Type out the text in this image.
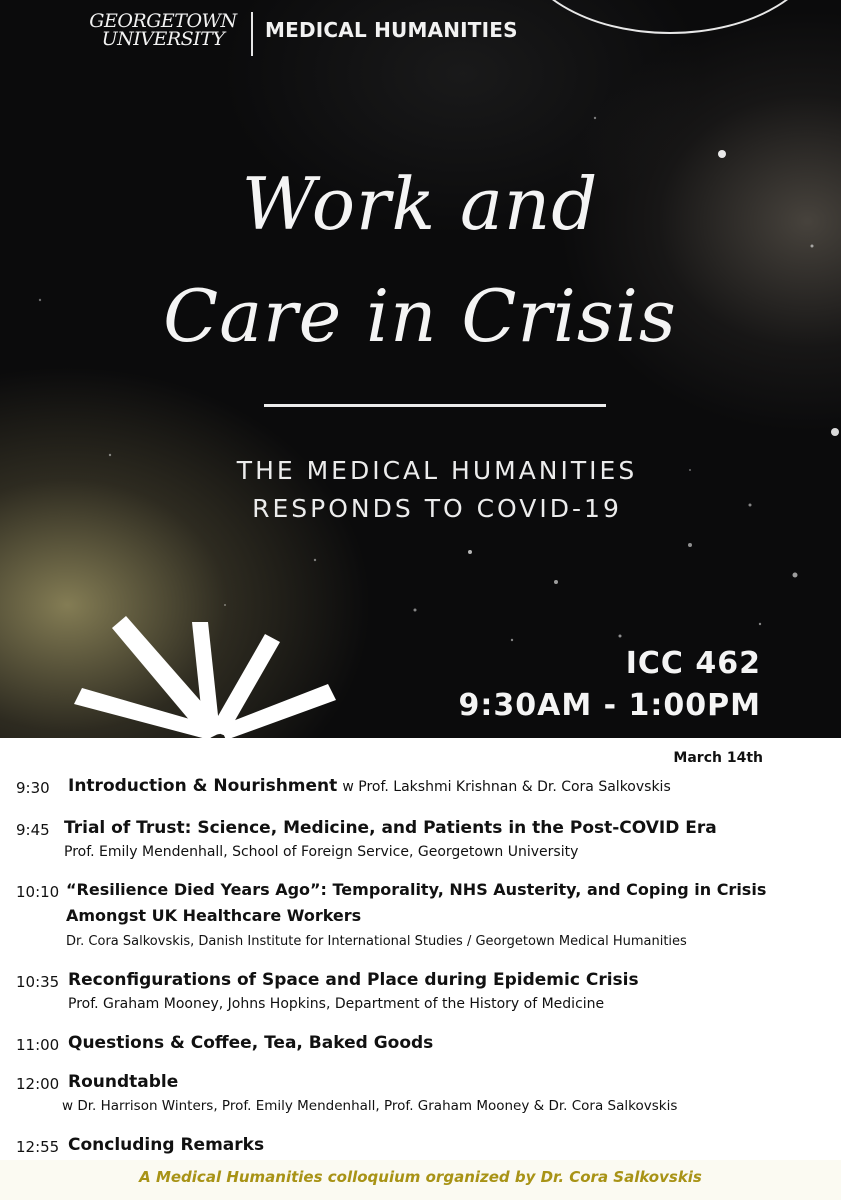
GEORGETOWN
UNIVERSITY	MEDICAL HUMANITIES
Work and
Care in Crisis
THE MEDICAL HUMANITIES
RESPONDS TO COVID-19
ICC 462
9:30AM - 1:00PM
March 14th
9:30 Introduction & Nourishment w Prof. Lakshmi Krishnan & Dr. Cora Salkovskis
9:45 Trial of Trust: Science, Medicine, and Patients in the Post-COVID Era
Prof. Emily Mendenhall, School of Foreign Service, Georgetown University
10:10 “Resilience Died Years Ago”: Temporality, NHS Austerity, and Coping in Crisis
Amongst UK Healthcare Workers
Dr. Cora Salkovskis, Danish Institute for International Studies / Georgetown Medical Humanities
10:35 Reconfigurations of Space and Place during Epidemic Crisis
Prof. Graham Mooney, Johns Hopkins, Department of the History of Medicine
11:00 Questions & Coffee, Tea, Baked Goods
12:00 Roundtable
w Dr. Harrison Winters, Prof. Emily Mendenhall, Prof. Graham Mooney & Dr. Cora Salkovskis
12:55 Concluding Remarks
A Medical Humanities colloquium organized by Dr. Cora Salkovskis
